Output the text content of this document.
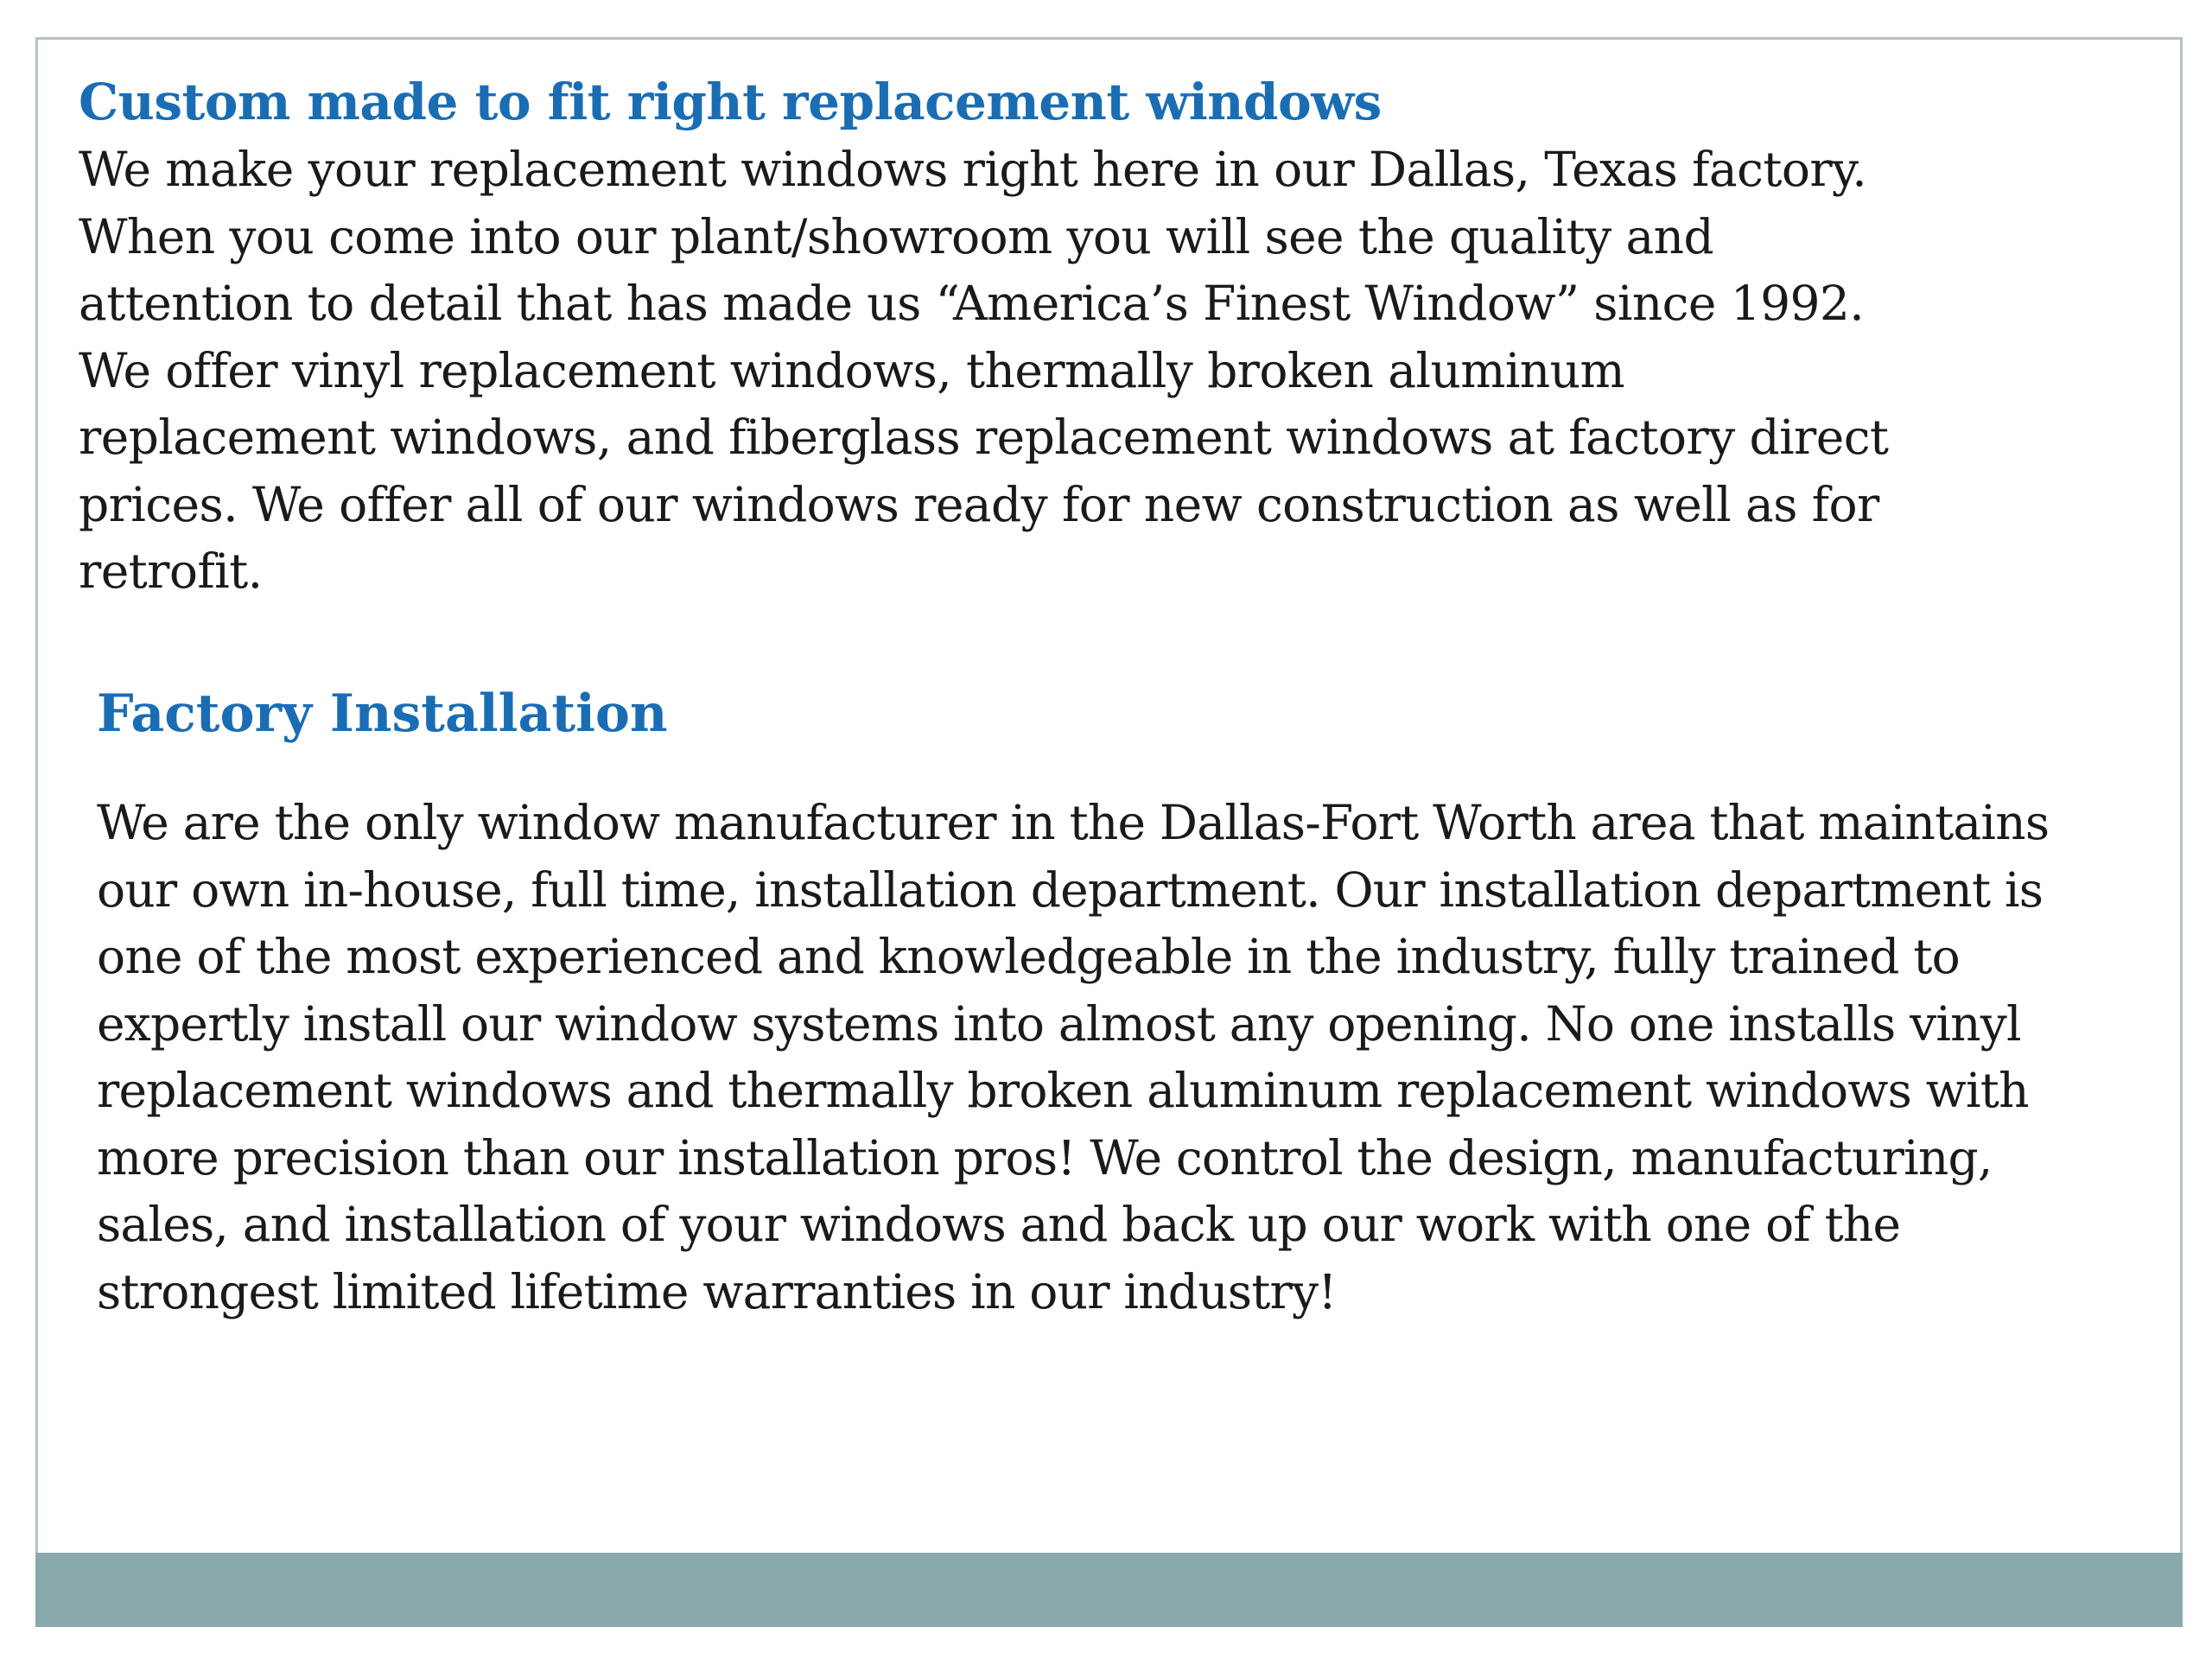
Custom made to fit right replacement windows
We make your replacement windows right here in our Dallas, Texas factory.
When you come into our plant/showroom you will see the quality and
attention to detail that has made us “America’s Finest Window” since 1992.
We offer vinyl replacement windows, thermally broken aluminum
replacement windows, and fiberglass replacement windows at factory direct
prices. We offer all of our windows ready for new construction as well as for
retrofit.
Factory Installation
We are the only window manufacturer in the Dallas-Fort Worth area that maintains
our own in-house, full time, installation department. Our installation department is
one of the most experienced and knowledgeable in the industry, fully trained to
expertly install our window systems into almost any opening. No one installs vinyl
replacement windows and thermally broken aluminum replacement windows with
more precision than our installation pros! We control the design, manufacturing,
sales, and installation of your windows and back up our work with one of the
strongest limited lifetime warranties in our industry!
